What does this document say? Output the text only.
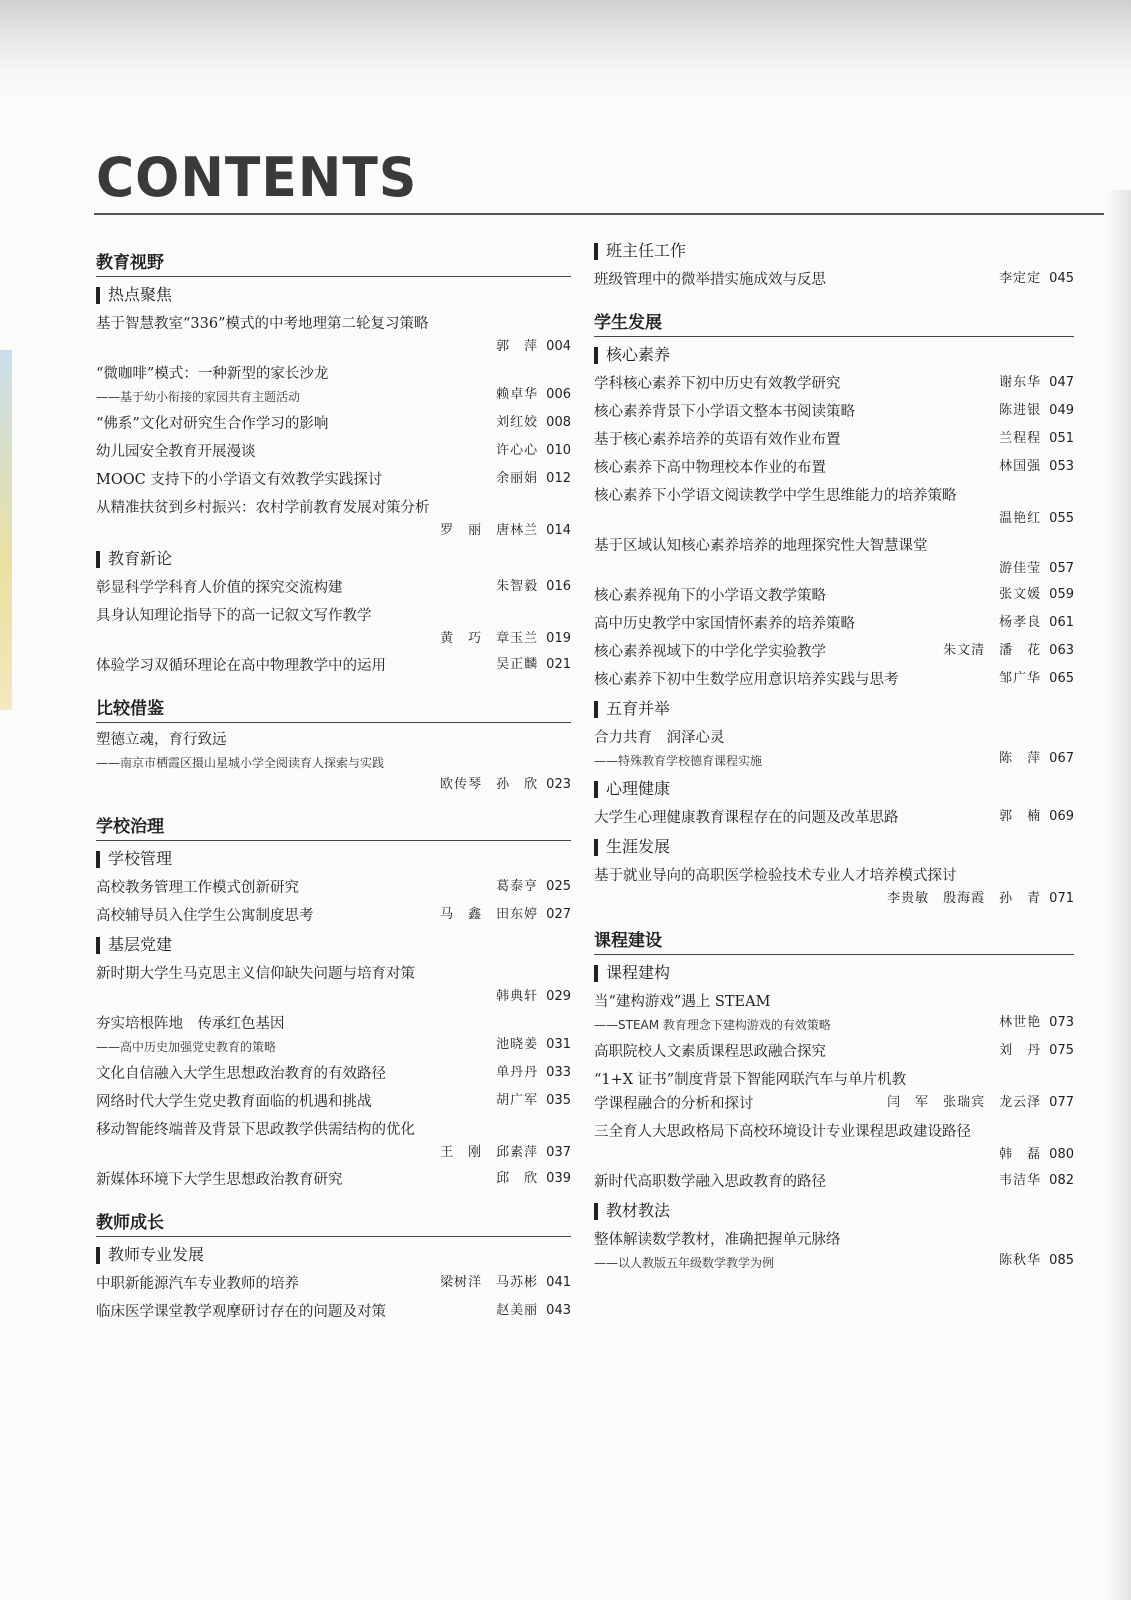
CONTENTS
教育视野
热点聚焦
基于智慧教室“336”模式的中考地理第二轮复习策略
郭　萍 004
“微咖啡”模式：一种新型的家长沙龙
——基于幼小衔接的家园共育主题活动	赖卓华 006
“佛系”文化对研究生合作学习的影响	刘红姣 008
幼儿园安全教育开展漫谈	许心心 010
MOOC 支持下的小学语文有效教学实践探讨	余丽娟 012
从精准扶贫到乡村振兴：农村学前教育发展对策分析
罗　丽　唐林兰 014
教育新论
彰显科学学科育人价值的探究交流构建	朱智毅 016
具身认知理论指导下的高一记叙文写作教学
黄　巧　章玉兰 019
体验学习双循环理论在高中物理教学中的运用	吴正麟 021
比较借鉴
塑德立魂，育行致远
——南京市栖霞区摄山星城小学全阅读育人探索与实践
欧传琴　孙　欣 023
学校治理
学校管理
高校教务管理工作模式创新研究	葛泰亨 025
高校辅导员入住学生公寓制度思考	马　鑫　田东婷 027
基层党建
新时期大学生马克思主义信仰缺失问题与培育对策
韩典轩 029
夯实培根阵地　传承红色基因
——高中历史加强党史教育的策略	池晓姜 031
文化自信融入大学生思想政治教育的有效路径	单丹丹 033
网络时代大学生党史教育面临的机遇和挑战	胡广军 035
移动智能终端普及背景下思政教学供需结构的优化
王　刚　邱素萍 037
新媒体环境下大学生思想政治教育研究	邱　欣 039
教师成长
教师专业发展
中职新能源汽车专业教师的培养	梁树洋　马苏彬 041
临床医学课堂教学观摩研讨存在的问题及对策	赵美丽 043
班主任工作
班级管理中的微举措实施成效与反思	李定定 045
学生发展
核心素养
学科核心素养下初中历史有效教学研究	谢东华 047
核心素养背景下小学语文整本书阅读策略	陈进银 049
基于核心素养培养的英语有效作业布置	兰程程 051
核心素养下高中物理校本作业的布置	林国强 053
核心素养下小学语文阅读教学中学生思维能力的培养策略
温艳红 055
基于区域认知核心素养培养的地理探究性大智慧课堂
游佳莹 057
核心素养视角下的小学语文教学策略	张文媛 059
高中历史教学中家国情怀素养的培养策略	杨孝良 061
核心素养视域下的中学化学实验教学	朱文清　潘　花 063
核心素养下初中生数学应用意识培养实践与思考	邹广华 065
五育并举
合力共育　润泽心灵
——特殊教育学校德育课程实施	陈　萍 067
心理健康
大学生心理健康教育课程存在的问题及改革思路	郭　楠 069
生涯发展
基于就业导向的高职医学检验技术专业人才培养模式探讨
李贵敏　殷海霞　孙　青 071
课程建设
课程建构
当“建构游戏”遇上 STEAM
——STEAM 教育理念下建构游戏的有效策略	林世艳 073
高职院校人文素质课程思政融合探究	刘　丹 075
“1+X 证书”制度背景下智能网联汽车与单片机教学课程融合的分析和探讨	闫　军　张瑞宾　龙云泽 077
三全育人大思政格局下高校环境设计专业课程思政建设路径
韩　磊 080
新时代高职数学融入思政教育的路径	韦洁华 082
教材教法
整体解读数学教材，准确把握单元脉络
——以人教版五年级数学教学为例	陈秋华 085
